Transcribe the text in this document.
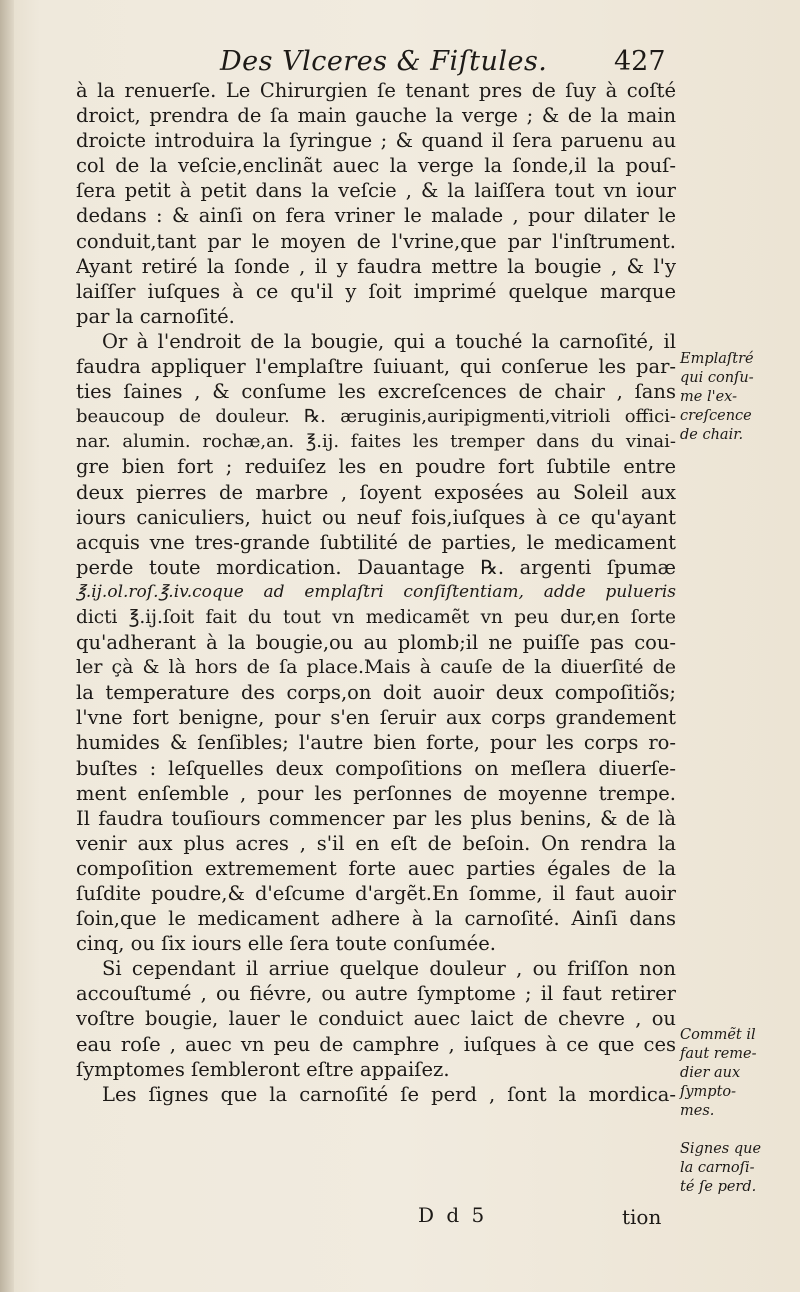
Des Vlceres & Fiſtules. 427
à la renuerſe. Le Chirurgien ſe tenant pres de ſuy à coſté
droict, prendra de ſa main gauche la verge ; & de la main
droicte introduira la ſyringue ; & quand il ſera paruenu au
col de la veſcie,enclinãt auec la verge la ſonde,il la pouſ-
ſera petit à petit dans la veſcie , & la laiſſera tout vn iour
dedans : & ainſi on fera vriner le malade , pour dilater le
conduit,tant par le moyen de l'vrine,que par l'inſtrument.
Ayant retiré la ſonde , il y faudra mettre la bougie , & l'y
laiſſer iuſques à ce qu'il y ſoit imprimé quelque marque
par la carnoſité.
Or à l'endroit de la bougie, qui a touché la carnoſité, il
faudra appliquer l'emplaſtre ſuiuant, qui conſerue les par-
ties ſaines , & conſume les excreſcences de chair , ſans
beaucoup de douleur. ℞. æruginis,auripigmenti,vitrioli offici-
nar. alumin. rochæ,an. ℥.ij. faites les tremper dans du vinai-
gre bien fort ; reduiſez les en poudre fort ſubtile entre
deux pierres de marbre , ſoyent exposées au Soleil aux
iours caniculiers, huict ou neuf fois,iuſques à ce qu'ayant
acquis vne tres-grande ſubtilité de parties, le medicament
perde toute mordication. Dauantage ℞. argenti ſpumæ
℥.ij.ol.roſ.℥.iv.coque ad emplaſtri conſiſtentiam, adde pulueris
dicti ℥.ij.ſoit fait du tout vn medicamẽt vn peu dur,en ſorte
qu'adherant à la bougie,ou au plomb;il ne puiſſe pas cou-
ler çà & là hors de ſa place.Mais à cauſe de la diuerſité de
la temperature des corps,on doit auoir deux compoſitiõs;
l'vne fort benigne, pour s'en ſeruir aux corps grandement
humides & ſenſibles; l'autre bien forte, pour les corps ro-
buſtes : leſquelles deux compoſitions on meſlera diuerſe-
ment enſemble , pour les perſonnes de moyenne trempe.
Il faudra touſiours commencer par les plus benins, & de là
venir aux plus acres , s'il en eſt de beſoin. On rendra la
compoſition extremement forte auec parties égales de la
ſuſdite poudre,& d'eſcume d'argẽt.En ſomme, il faut auoir
ſoin,que le medicament adhere à la carnoſité. Ainſi dans
cinq, ou ſix iours elle ſera toute conſumée.
Si cependant il arriue quelque douleur , ou friſſon non
accouſtumé , ou fiévre, ou autre ſymptome ; il faut retirer
voſtre bougie, lauer le conduict auec laict de chevre , ou
eau roſe , auec vn peu de camphre , iuſques à ce que ces
ſymptomes ſembleront eſtre appaiſez.
Les ſignes que la carnoſité ſe perd , ſont la mordica-
Emplaſtré
qui conſu-
me l'ex-
creſcence
de chair.
Commẽt il
faut reme-
dier aux
ſympto-
mes.
Signes que
la carnoſi-
té ſe perd.
D d 5	tion
